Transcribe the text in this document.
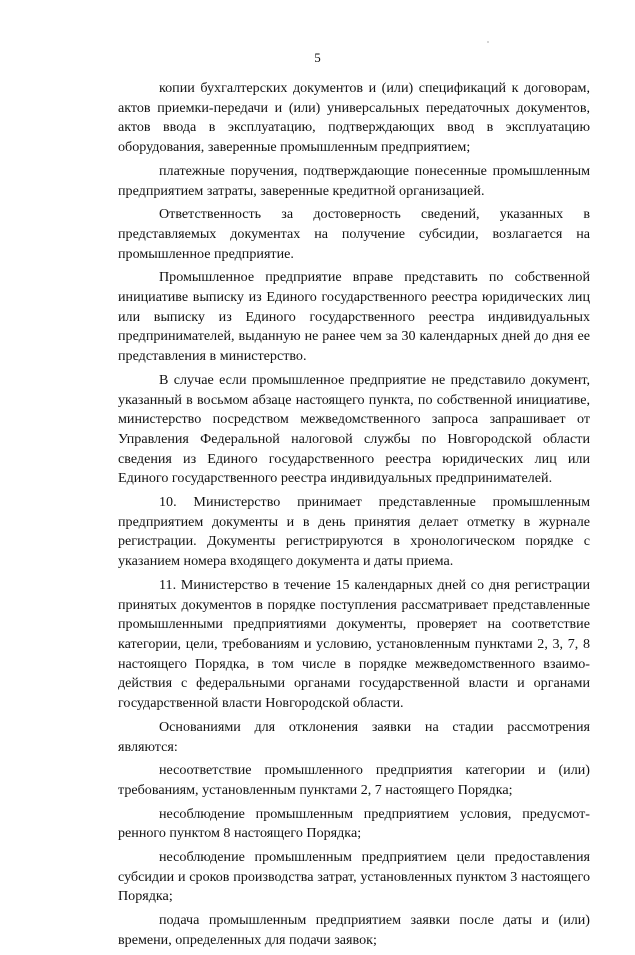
5

копии бухгалтерских документов и (или) спецификаций к договорам, актов приемки-передачи и (или) универсальных передаточных документов, актов ввода в эксплуатацию, подтверждающих ввод в эксплуатацию оборудования, заверенные промышленным предприятием;

платежные поручения, подтверждающие понесенные промышленным предприятием затраты, заверенные кредитной организацией.

Ответственность за достоверность сведений, указанных в представляемых документах на получение субсидии, возлагается на промышленное предприятие.

Промышленное предприятие вправе представить по собственной инициативе выписку из Единого государственного реестра юридических лиц или выписку из Единого государственного реестра индивидуальных предпринимателей, выданную не ранее чем за 30 календарных дней до дня ее представления в министерство.

В случае если промышленное предприятие не представило документ, указанный в восьмом абзаце настоящего пункта, по собственной инициативе, министерство посредством межведомственного запроса запрашивает от Управления Федеральной налоговой службы по Новгородской области сведения из Единого государственного реестра юридических лиц или Единого государственного реестра индивидуальных предпринимателей.

10. Министерство принимает представленные промышленным предприятием документы и в день принятия делает отметку в журнале регистрации. Документы регистрируются в хронологическом порядке с указанием номера входящего документа и даты приема.

11. Министерство в течение 15 календарных дней со дня регистрации принятых документов в порядке поступления рассматривает представленные промышленными предприятиями документы, проверяет на соответствие категории, цели, требованиям и условию, установленным пунктами 2, 3, 7, 8 настоящего Порядка, в том числе в порядке межведомственного взаимодействия с федеральными органами государственной власти и органами государственной власти Новгородской области.

Основаниями для отклонения заявки на стадии рассмотрения являются:

несоответствие промышленного предприятия категории и (или) требованиям, установленным пунктами 2, 7 настоящего Порядка;

несоблюдение промышленным предприятием условия, предусмотренного пунктом 8 настоящего Порядка;

несоблюдение промышленным предприятием цели предоставления субсидии и сроков производства затрат, установленных пунктом 3 настоящего Порядка;

подача промышленным предприятием заявки после даты и (или) времени, определенных для подачи заявок;
